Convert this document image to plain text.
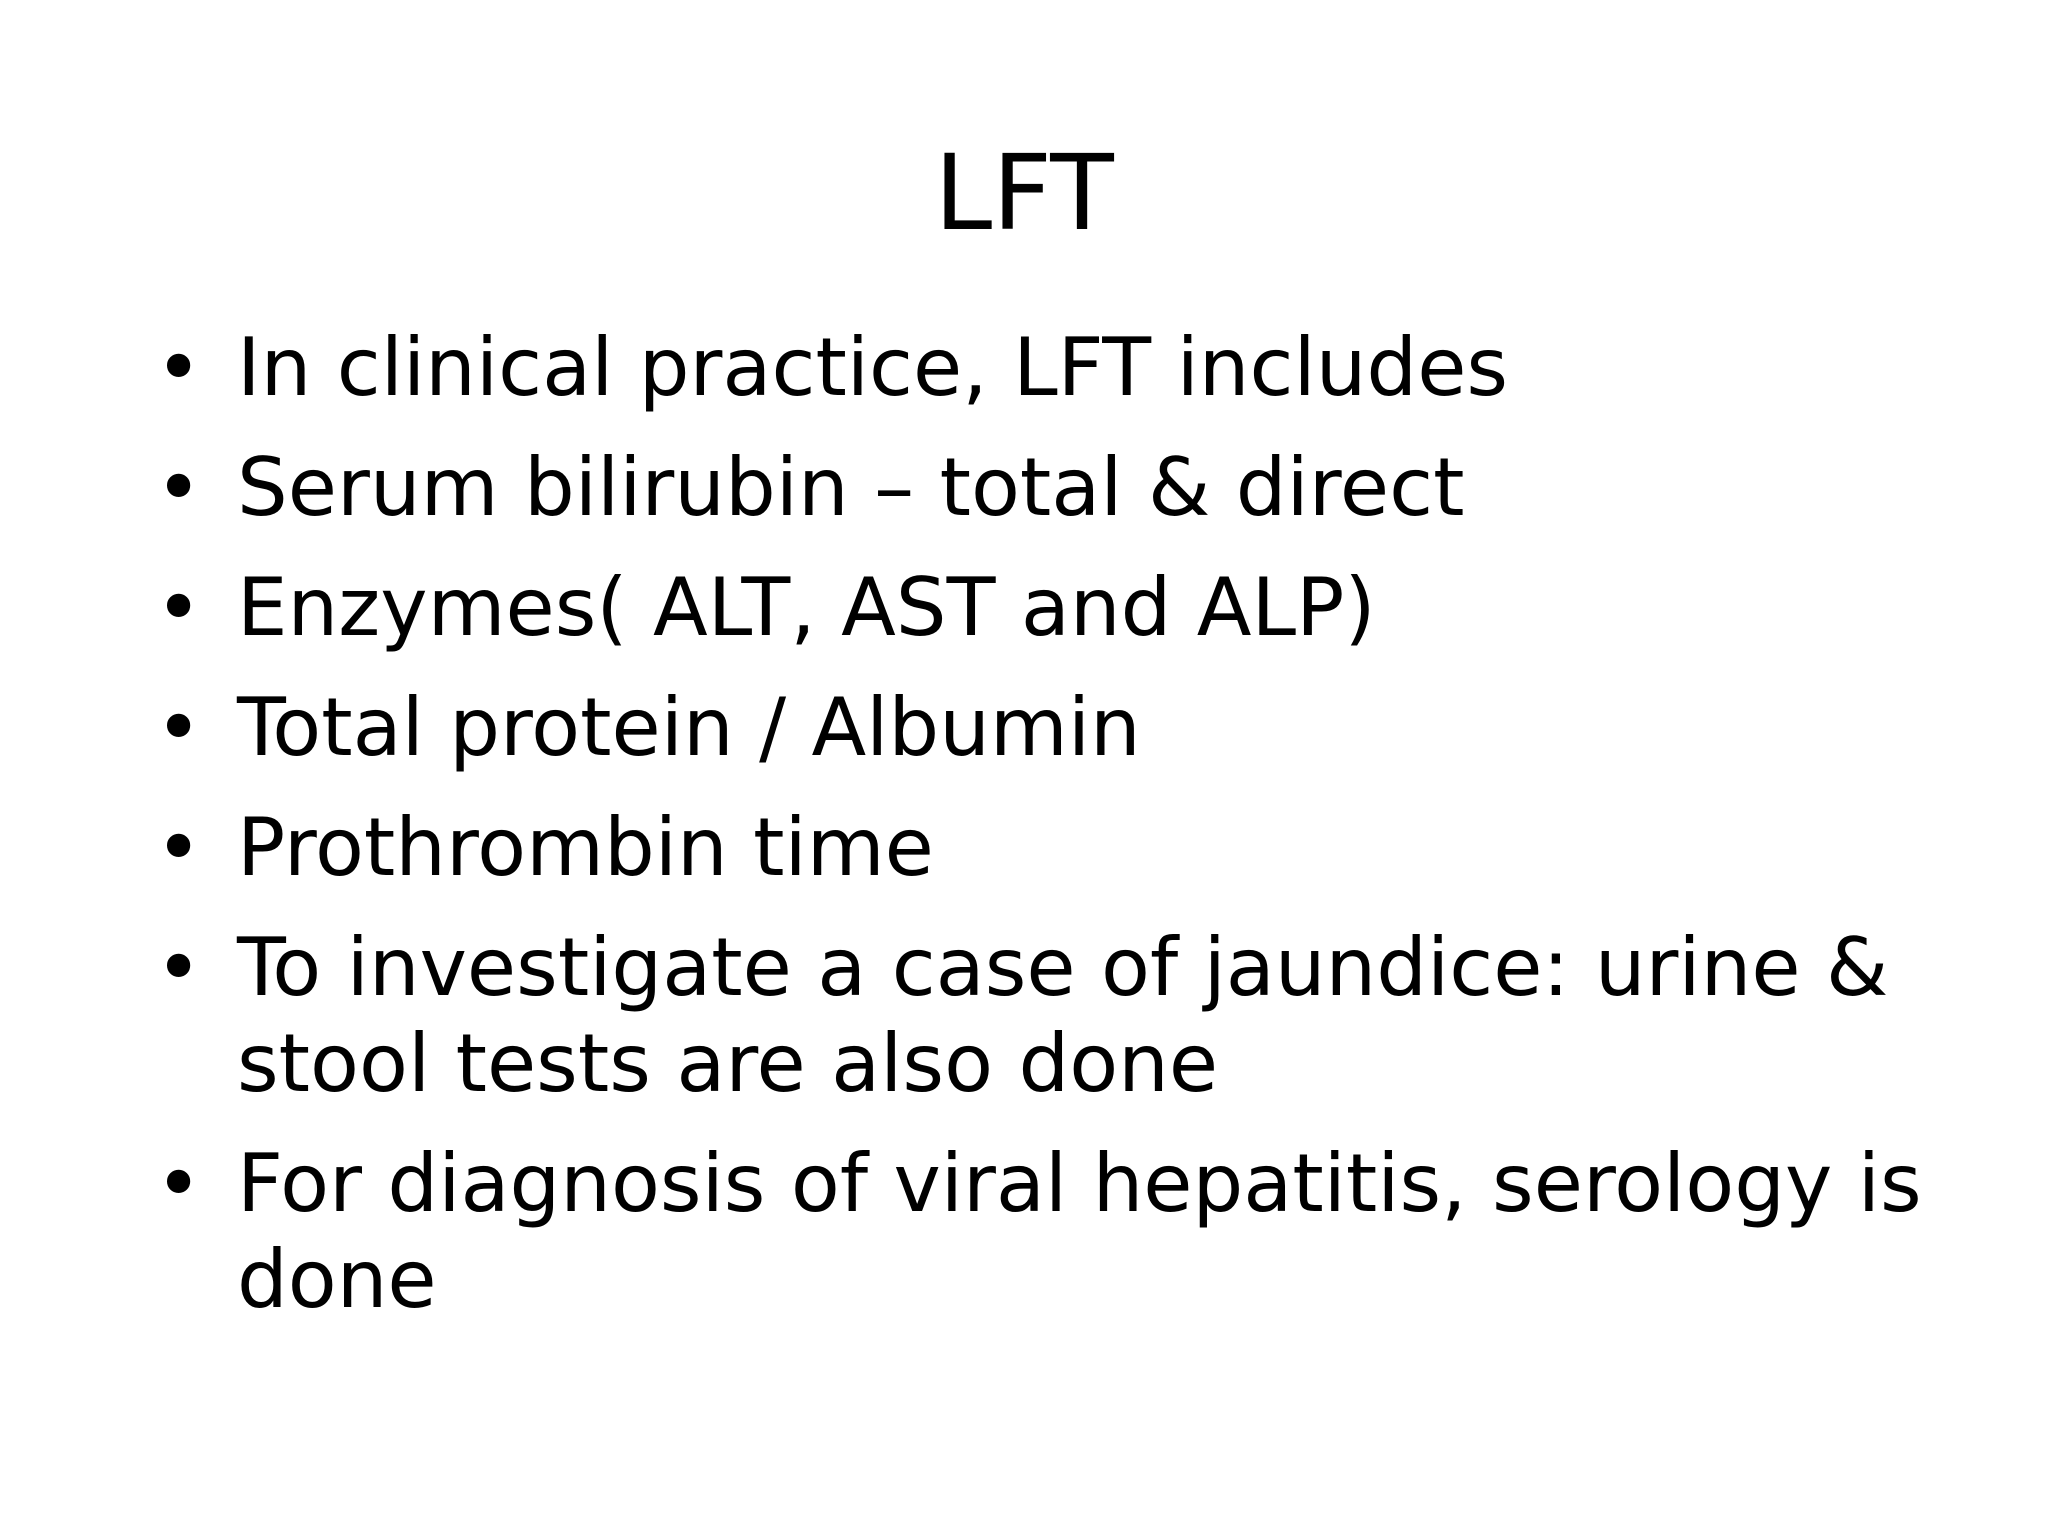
LFT
• In clinical practice, LFT includes
• Serum bilirubin – total & direct
• Enzymes( ALT, AST and ALP)
• Total protein / Albumin
• Prothrombin time
• To investigate a case of jaundice: urine & stool tests are also done
• For diagnosis of viral hepatitis, serology is done
